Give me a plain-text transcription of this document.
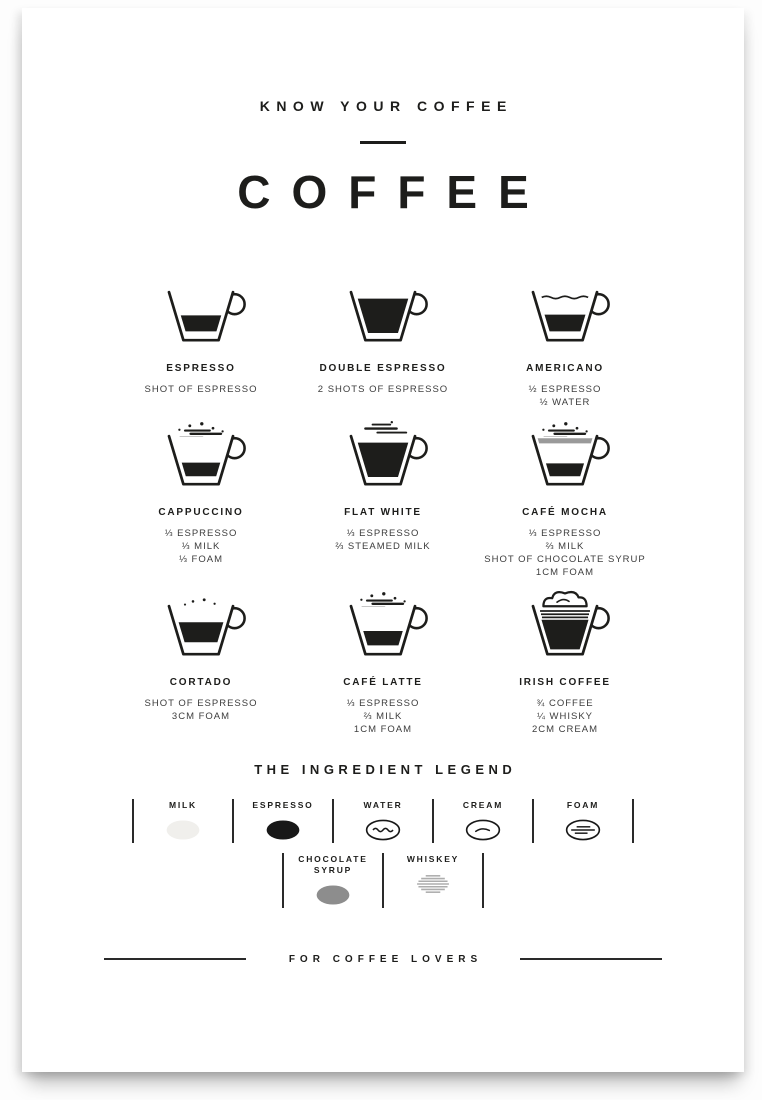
KNOW YOUR COFFEE
COFFEE
ESPRESSO
SHOT OF ESPRESSO
DOUBLE ESPRESSO
2 SHOTS OF ESPRESSO
AMERICANO
½ ESPRESSO
½ WATER
CAPPUCCINO
⅓ ESPRESSO
⅓ MILK
⅓ FOAM
FLAT WHITE
⅓ ESPRESSO
⅔ STEAMED MILK
CAFÉ MOCHA
⅓ ESPRESSO
⅔ MILK
SHOT OF CHOCOLATE SYRUP
1CM FOAM
CORTADO
SHOT OF ESPRESSO
3CM FOAM
CAFÉ LATTE
⅓ ESPRESSO
⅔ MILK
1CM FOAM
IRISH COFFEE
¾ COFFEE
¼ WHISKY
2CM CREAM
THE INGREDIENT LEGEND
MILK	ESPRESSO	WATER	CREAM	FOAM
CHOCOLATE SYRUP
WHISKEY
FOR COFFEE LOVERS
